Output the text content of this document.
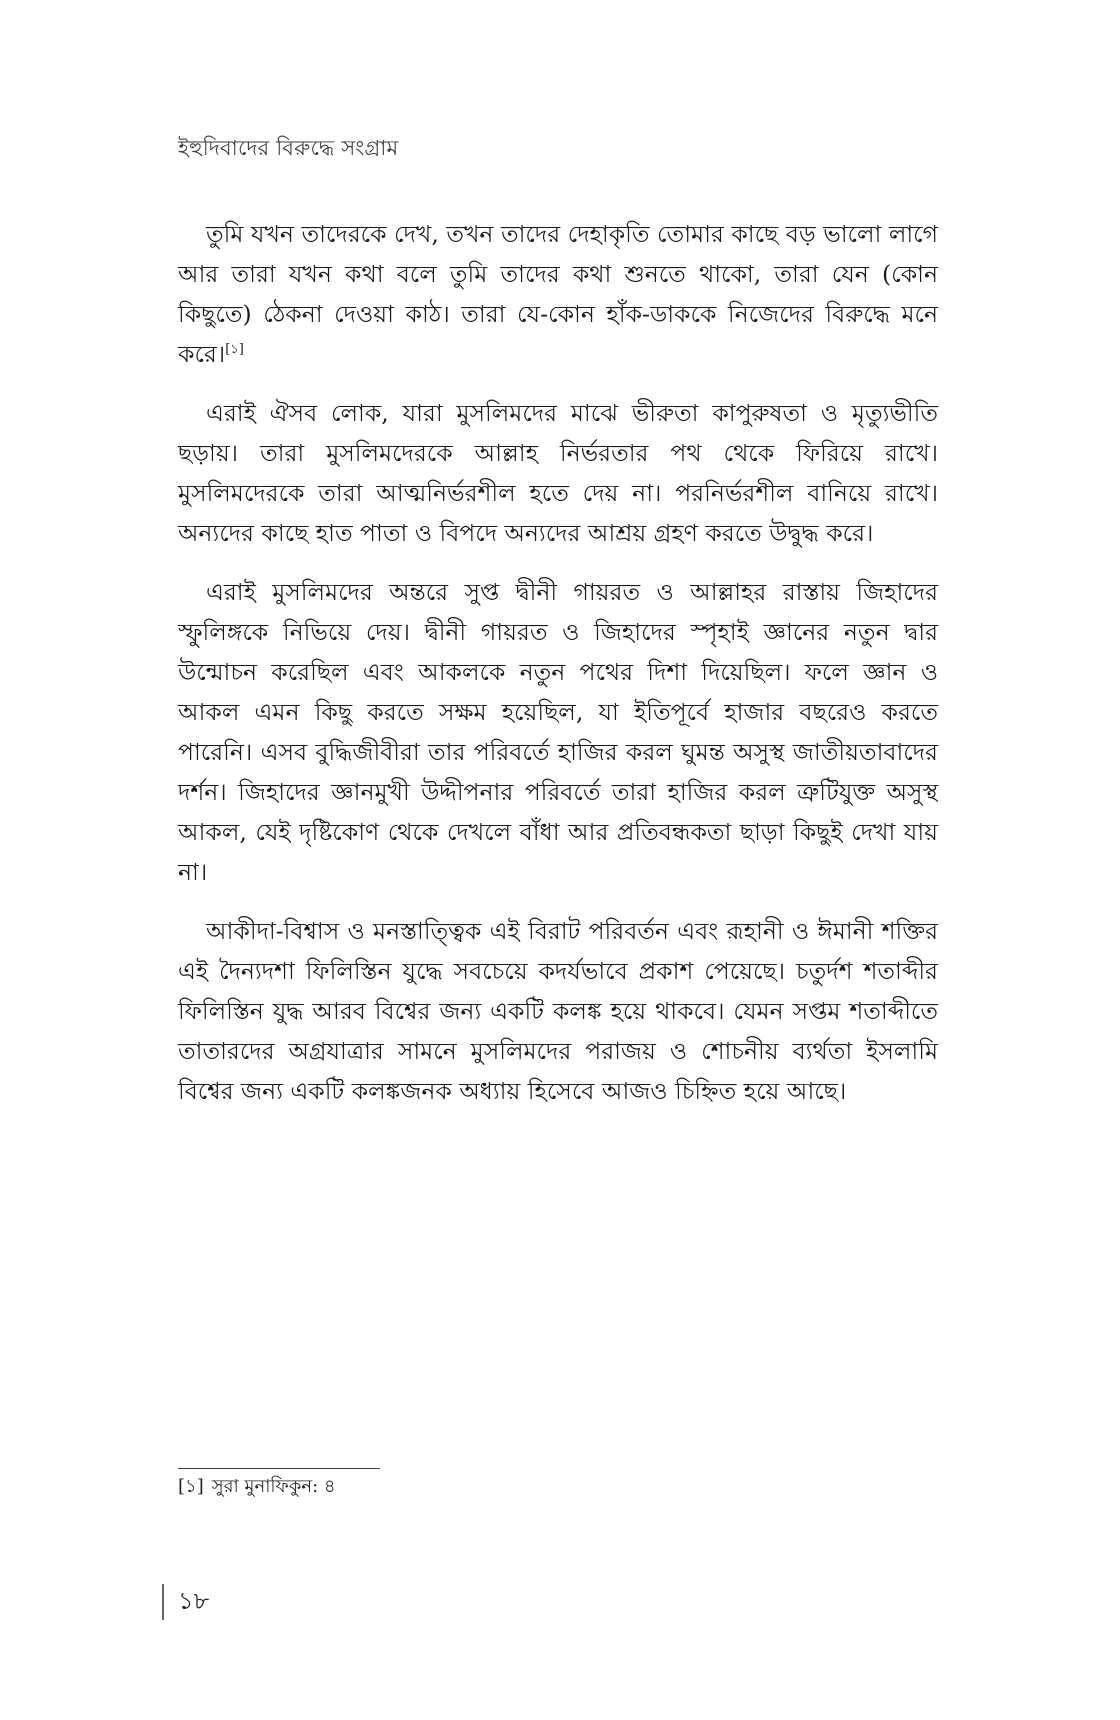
ইহুদিবাদের বিরুদ্ধে সংগ্রাম

তুমি যখন তাদেরকে দেখ, তখন তাদের দেহাকৃতি তোমার কাছে বড় ভালো লাগে আর তারা যখন কথা বলে তুমি তাদের কথা শুনতে থাকো, তারা যেন (কোন কিছুতে) ঠেকনা দেওয়া কাঠ। তারা যে-কোন হাঁক-ডাককে নিজেদের বিরুদ্ধে মনে করে।[১]

এরাই ঐসব লোক, যারা মুসলিমদের মাঝে ভীরুতা কাপুরুষতা ও মৃত্যুভীতি ছড়ায়। তারা মুসলিমদেরকে আল্লাহ নির্ভরতার পথ থেকে ফিরিয়ে রাখে। মুসলিমদেরকে তারা আত্মনির্ভরশীল হতে দেয় না। পরনির্ভরশীল বানিয়ে রাখে। অন্যদের কাছে হাত পাতা ও বিপদে অন্যদের আশ্রয় গ্রহণ করতে উদ্বুদ্ধ করে।

এরাই মুসলিমদের অন্তরে সুপ্ত দ্বীনী গায়রত ও আল্লাহর রাস্তায় জিহাদের স্ফুলিঙ্গকে নিভিয়ে দেয়। দ্বীনী গায়রত ও জিহাদের স্পৃহাই জ্ঞানের নতুন দ্বার উন্মোচন করেছিল এবং আকলকে নতুন পথের দিশা দিয়েছিল। ফলে জ্ঞান ও আকল এমন কিছু করতে সক্ষম হয়েছিল, যা ইতিপূর্বে হাজার বছরেও করতে পারেনি। এসব বুদ্ধিজীবীরা তার পরিবর্তে হাজির করল ঘুমন্ত অসুস্থ জাতীয়তাবাদের দর্শন। জিহাদের জ্ঞানমুখী উদ্দীপনার পরিবর্তে তারা হাজির করল ত্রুটিযুক্ত অসুস্থ আকল, যেই দৃষ্টিকোণ থেকে দেখলে বাঁধা আর প্রতিবন্ধকতা ছাড়া কিছুই দেখা যায় না।

আকীদা-বিশ্বাস ও মনস্তাত্ত্বিক এই বিরাট পরিবর্তন এবং রূহানী ও ঈমানী শক্তির এই দৈন্যদশা ফিলিস্তিন যুদ্ধে সবচেয়ে কদর্যভাবে প্রকাশ পেয়েছে। চতুর্দশ শতাব্দীর ফিলিস্তিন যুদ্ধ আরব বিশ্বের জন্য একটি কলঙ্ক হয়ে থাকবে। যেমন সপ্তম শতাব্দীতে তাতারদের অগ্রযাত্রার সামনে মুসলিমদের পরাজয় ও শোচনীয় ব্যর্থতা ইসলামি বিশ্বের জন্য একটি কলঙ্কজনক অধ্যায় হিসেবে আজও চিহ্নিত হয়ে আছে।

[১] সুরা মুনাফিকুন: ৪
১৮
